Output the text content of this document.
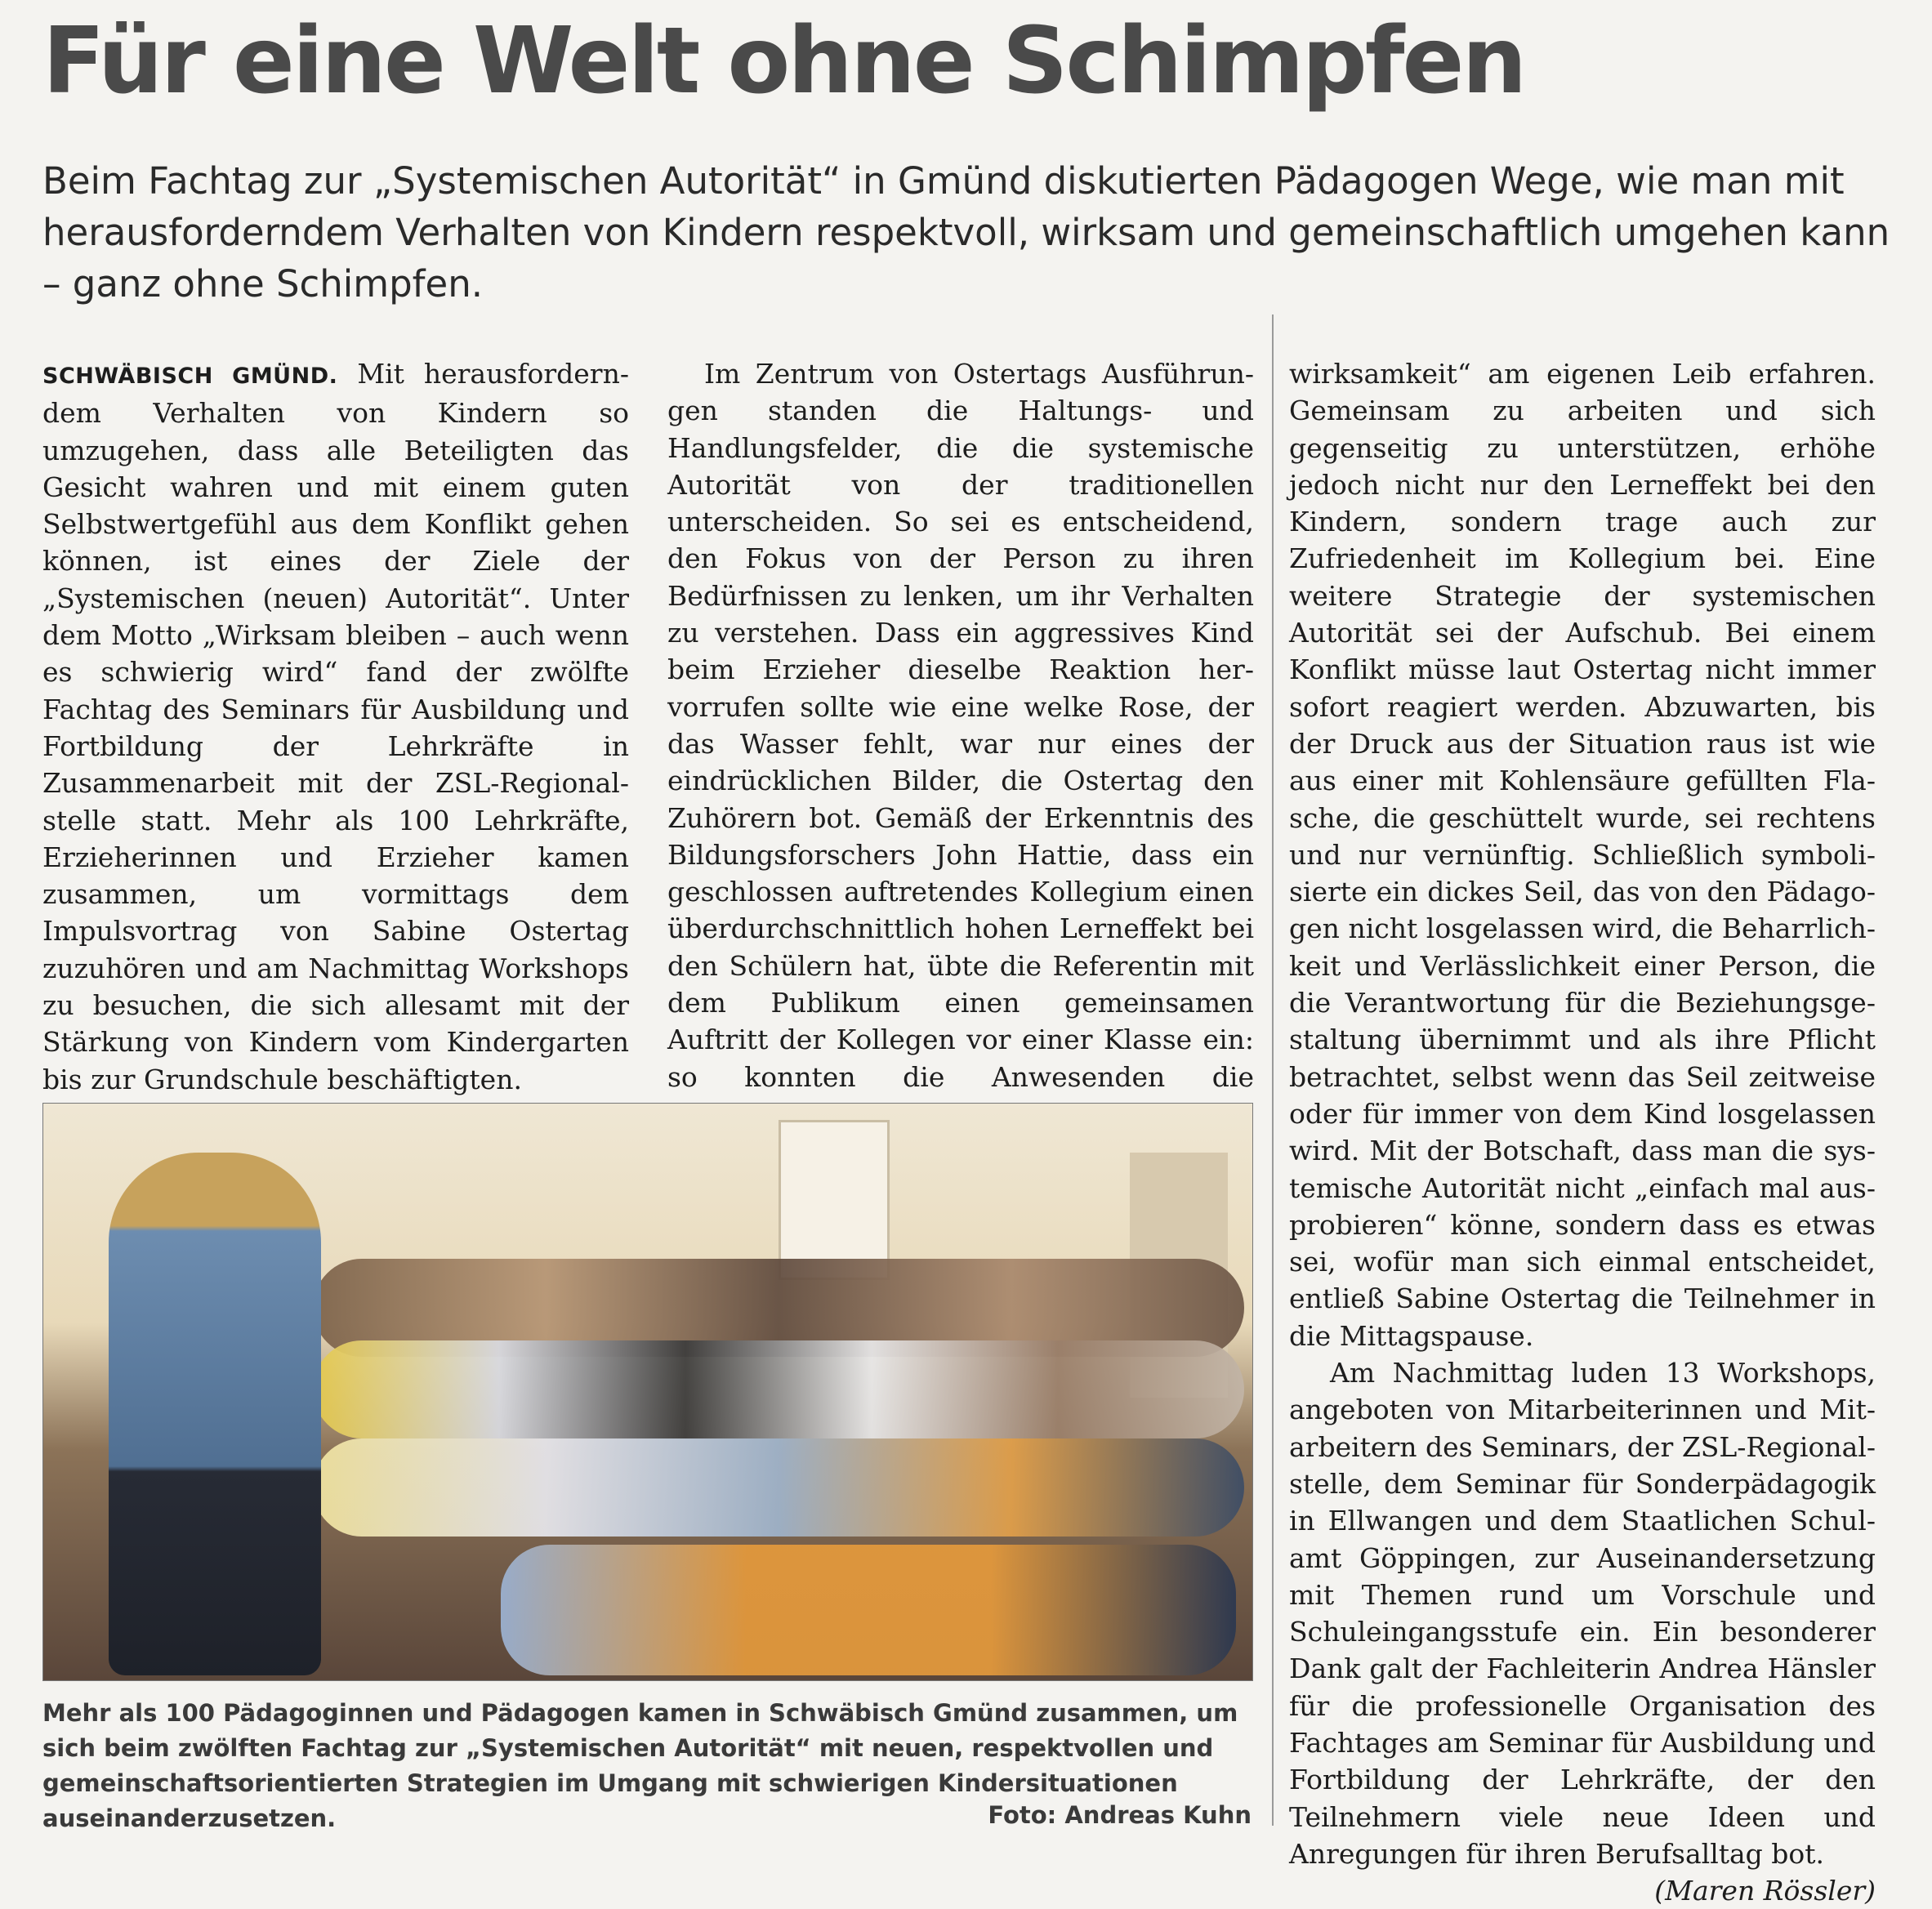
Für eine Welt ohne Schimpfen

Beim Fachtag zur „Systemischen Autorität“ in Gmünd diskutierten Pädagogen Wege, wie man mit herausforderndem Verhalten von Kindern respektvoll, wirksam und gemeinschaftlich umgehen kann – ganz ohne Schimpfen.

SCHWÄBISCH GMÜND. Mit herausforderndem Verhalten von Kindern so umzugehen, dass alle Beteiligten das Gesicht wahren und mit einem guten Selbstwertgefühl aus dem Konflikt gehen können, ist eines der Ziele der „Systemischen (neuen) Autorität“. Unter dem Motto „Wirksam bleiben – auch wenn es schwierig wird“ fand der zwölfte Fachtag des Seminars für Ausbildung und Fortbildung der Lehrkräfte in Zusammenarbeit mit der ZSL-Regionalstelle statt. Mehr als 100 Lehrkräfte, Erzieherinnen und Erzieher kamen zusammen, um vormittags dem Impulsvortrag von Sabine Ostertag zuzuhören und am Nachmittag Workshops zu besuchen, die sich allesamt mit der Stärkung von Kindern vom Kindergarten bis zur Grundschule beschäftigten.

Im Zentrum von Ostertags Ausführungen standen die Haltungs- und Handlungsfelder, die die systemische Autorität von der traditionellen unterscheiden. So sei es entscheidend, den Fokus von der Person zu ihren Bedürfnissen zu lenken, um ihr Verhalten zu verstehen. Dass ein aggressives Kind beim Erzieher dieselbe Reaktion hervorrufen sollte wie eine welke Rose, der das Wasser fehlt, war nur eines der eindrücklichen Bilder, die Ostertag den Zuhörern bot. Gemäß der Erkenntnis des Bildungsforschers John Hattie, dass ein geschlossen auftretendes Kollegium einen überdurchschnittlich hohen Lerneffekt bei den Schülern hat, übte die Referentin mit dem Publikum einen gemeinsamen Auftritt der Kollegen vor einer Klasse ein: so konnten die Anwesenden die

wirksamkeit“ am eigenen Leib erfahren. Gemeinsam zu arbeiten und sich gegenseitig zu unterstützen, erhöhe jedoch nicht nur den Lerneffekt bei den Kindern, sondern trage auch zur Zufriedenheit im Kollegium bei. Eine weitere Strategie der systemischen Autorität sei der Aufschub. Bei einem Konflikt müsse laut Ostertag nicht immer sofort reagiert werden. Abzuwarten, bis der Druck aus der Situation raus ist wie aus einer mit Kohlensäure gefüllten Flasche, die geschüttelt wurde, sei rechtens und nur vernünftig. Schließlich symbolisierte ein dickes Seil, das von den Pädagogen nicht losgelassen wird, die Beharrlichkeit und Verlässlichkeit einer Person, die die Verantwortung für die Beziehungsgestaltung übernimmt und als ihre Pflicht betrachtet, selbst wenn das Seil zeitweise oder für immer von dem Kind losgelassen wird. Mit der Botschaft, dass man die systemische Autorität nicht „einfach mal ausprobieren“ könne, sondern dass es etwas sei, wofür man sich einmal entscheidet, entließ Sabine Ostertag die Teilnehmer in die Mittagspause.

Am Nachmittag luden 13 Workshops, angeboten von Mitarbeiterinnen und Mitarbeitern des Seminars, der ZSL-Regionalstelle, dem Seminar für Sonderpädagogik in Ellwangen und dem Staatlichen Schulamt Göppingen, zur Auseinandersetzung mit Themen rund um Vorschule und Schuleingangsstufe ein. Ein besonderer Dank galt der Fachleiterin Andrea Hänsler für die professionelle Organisation des Fachtages am Seminar für Ausbildung und Fortbildung der Lehrkräfte, der den Teilnehmern viele neue Ideen und Anregungen für ihren Berufsalltag bot.
(Maren Rössler)

Mehr als 100 Pädagoginnen und Pädagogen kamen in Schwäbisch Gmünd zusammen, um sich beim zwölften Fachtag zur „Systemischen Autorität“ mit neuen, respektvollen und gemeinschaftsorientierten Strategien im Umgang mit schwierigen Kindersituationen auseinanderzusetzen.	Foto: Andreas Kuhn
